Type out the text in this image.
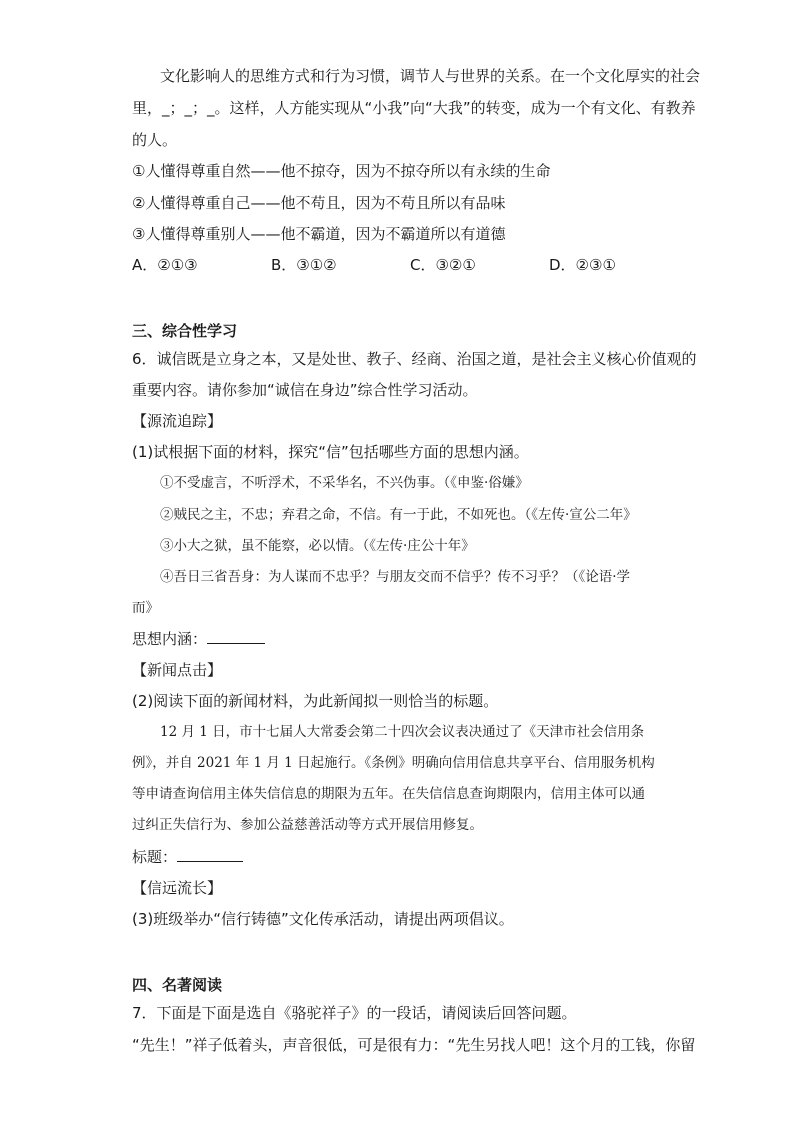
文化影响人的思维方式和行为习惯，调节人与世界的关系。在一个文化厚实的社会
里，_；_；_。这样，人方能实现从“小我”向“大我”的转变，成为一个有文化、有教养
的人。
①人懂得尊重自然——他不掠夺，因为不掠夺所以有永续的生命
②人懂得尊重自己——他不苟且，因为不苟且所以有品味
③人懂得尊重别人——他不霸道，因为不霸道所以有道德
A．②①③	B．③①②	C．③②①	D．②③①
三、综合性学习
6．诚信既是立身之本，又是处世、教子、经商、治国之道，是社会主义核心价值观的
重要内容。请你参加“诚信在身边”综合性学习活动。
【源流追踪】
(1)试根据下面的材料，探究“信”包括哪些方面的思想内涵。
①不受虚言，不听浮术，不采华名，不兴伪事。（《申鉴·俗嫌》
②贼民之主，不忠；弃君之命，不信。有一于此，不如死也。（《左传·宣公二年》
③小大之狱，虽不能察，必以情。（《左传·庄公十年》
④吾日三省吾身：为人谋而不忠乎？与朋友交而不信乎？传不习乎？（《论语·学
而》
思想内涵：
【新闻点击】
(2)阅读下面的新闻材料，为此新闻拟一则恰当的标题。
12 月 1 日，市十七届人大常委会第二十四次会议表决通过了《天津市社会信用条
例》，并自 2021 年 1 月 1 日起施行。《条例》明确向信用信息共享平台、信用服务机构
等申请查询信用主体失信信息的期限为五年。在失信信息查询期限内，信用主体可以通
过纠正失信行为、参加公益慈善活动等方式开展信用修复。
标题：
【信远流长】
(3)班级举办“信行铸德”文化传承活动，请提出两项倡议。
四、名著阅读
7．下面是下面是选自《骆驼祥子》的一段话，请阅读后回答问题。
“先生！”祥子低着头，声音很低，可是很有力：“先生另找人吧！这个月的工钱，你留
